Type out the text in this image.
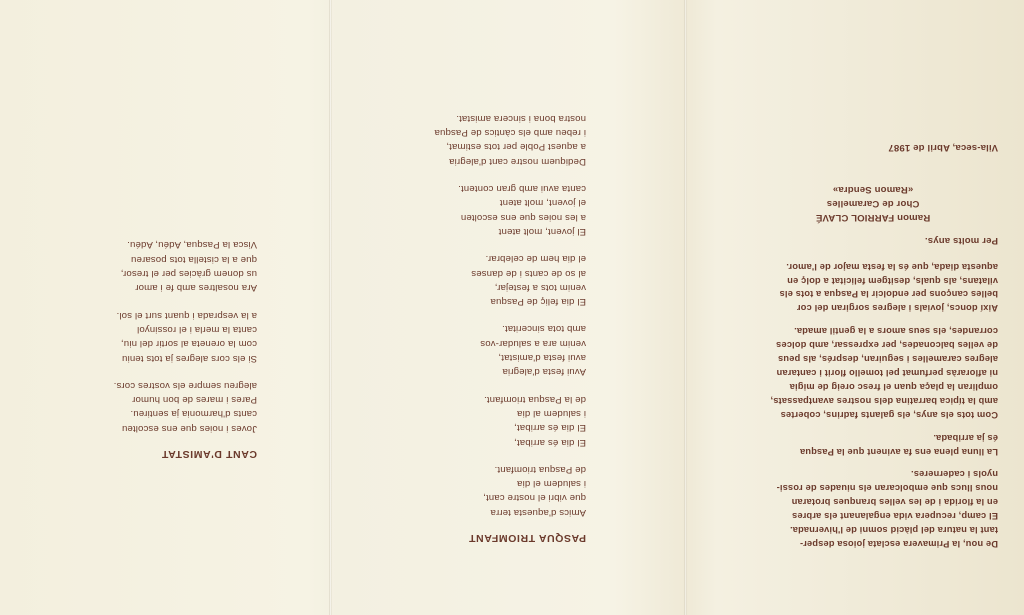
CANT D'AMISTAT
Joves i noies que ens escolteu
cants d'harmonia ja sentireu.
Pares i mares de bon humor
alegreu sempre els vostres cors.
Si els cors alegres ja tots teniu
com la oreneta al sortir del niu,
canta la merla i el rossinyol
a la vesprada i quant surt el sol.
Ara nosaltres amb fe i amor
us donem gràcies per el tresor,
que a la cistella tots posareu
Visca la Pasqua, Adéu, Adéu.
PASQUA TRIOMFANT
Amics d'aquesta terra
que vibri el nostre cant,
i saludem el dia
de Pasqua triomfant.
El dia és arribat,
El dia és arribat,
i saludem al dia
de la Pasqua triomfant.
Avui festa d'alegria
avui festa d'amistat,
venim ara a saludar-vos
amb tota sinceritat.
El dia feliç de Pasqua
venim tots a festejar,
al so de cants i de danses
el dia hem de celebrar.
El jovent, molt atent
a les noies que ens escolten
el jovent, molt atent
canta avui amb gran content.
Dediquem nostre cant d'alegria
a aquest Poble per tots estimat,
i rebeu amb els càntics de Pasqua
nostra bona i sincera amistat.
De nou, la Primavera esclata joiosa desper-
tant la natura del plàcid somni de l'hivernada.
El camp, recupera vida engalanant els arbres
en la florida i de les velles branques brotaran
nous llucs que embolcaran els niuades de rossi-
nyols i caderneres.
La lluna plena ens fa avinent que la Pasqua
és ja arribada.
Com tots els anys, els galants fadrins, cobertes
amb la típica barratina dels nostres avantpassats,
ompliran la plaça quan el fresc oreig de migia
ni afloraràs perfumat pel tomello florit i cantaran
alegres caramelles i seguiran, després, als peus
de velles balconades, per expressar, amb dolces
corrandes, els seus amors a la gentil amada.
Així doncs, jovials i alegres sorgiran del cor
belles cançons per endolcir la Pasqua a tots els
vilatans, als quals, desitgem felicitat a dolç en
aquesta diada, que és la festa major de l'amor.
Per molts anys.
Ramon FARRIOL CLAVÉ
Chor de Caramelles
«Ramon Sendra»
Vila-seca, Abril de 1987
